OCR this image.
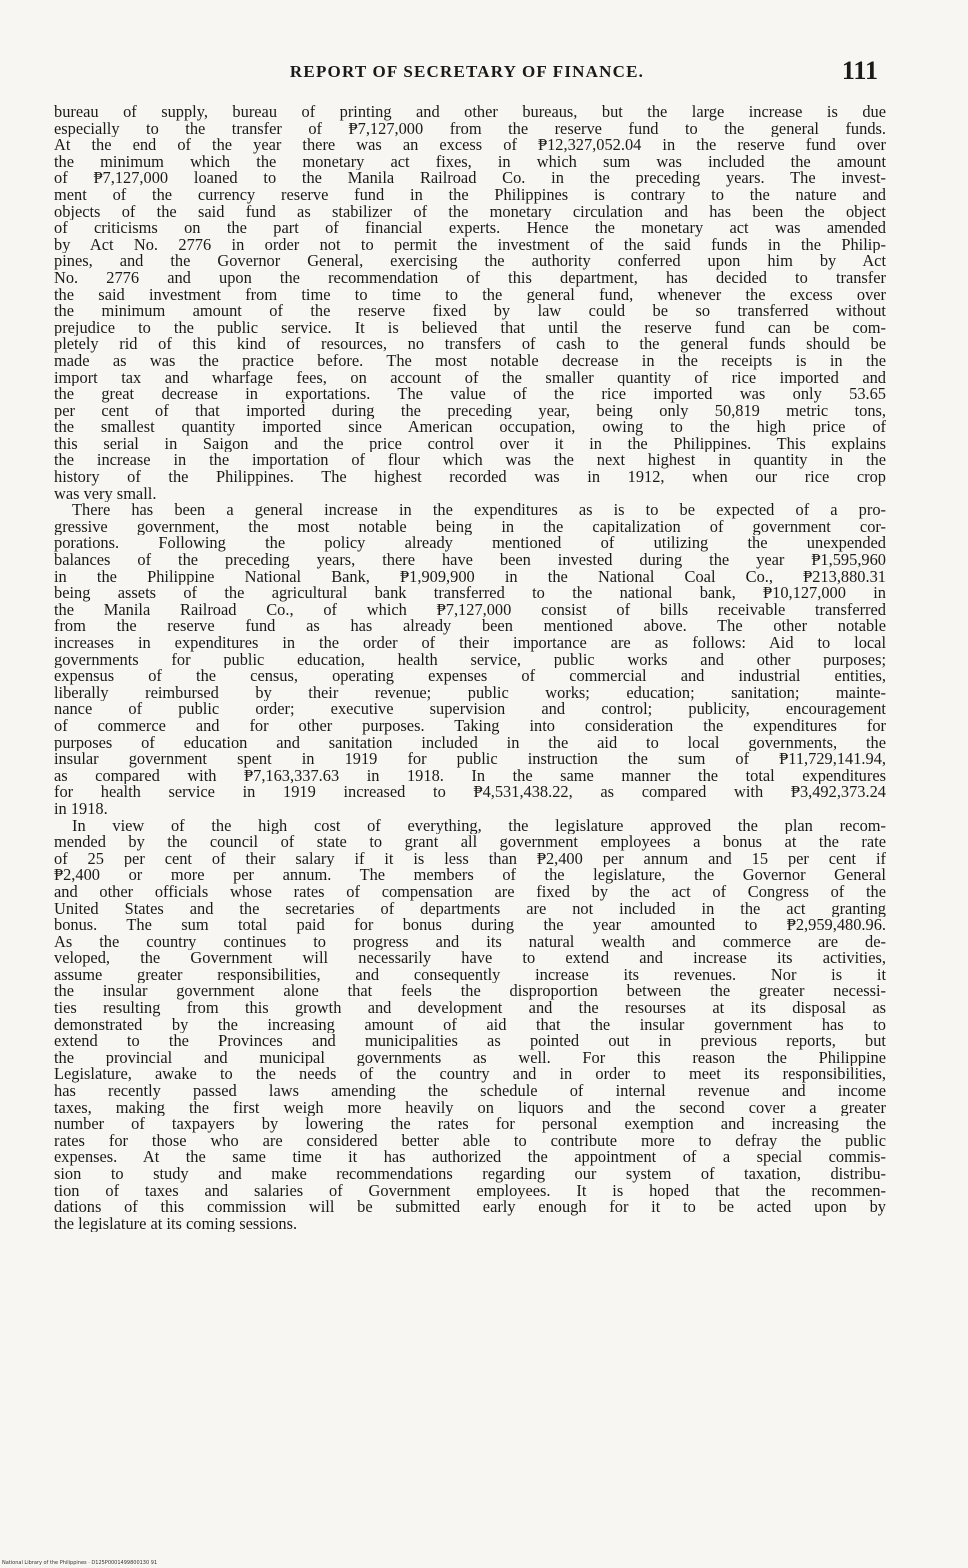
REPORT OF SECRETARY OF FINANCE.	111
bureau of supply, bureau of printing and other bureaus, but the large increase is due
especially to the transfer of ₱7,127,000 from the reserve fund to the general funds.
At the end of the year there was an excess of ₱12,327,052.04 in the reserve fund over
the minimum which the monetary act fixes, in which sum was included the amount
of ₱7,127,000 loaned to the Manila Railroad Co. in the preceding years. The invest-
ment of the currency reserve fund in the Philippines is contrary to the nature and
objects of the said fund as stabilizer of the monetary circulation and has been the object
of criticisms on the part of financial experts. Hence the monetary act was amended
by Act No. 2776 in order not to permit the investment of the said funds in the Philip-
pines, and the Governor General, exercising the authority conferred upon him by Act
No. 2776 and upon the recommendation of this department, has decided to transfer
the said investment from time to time to the general fund, whenever the excess over
the minimum amount of the reserve fixed by law could be so transferred without
prejudice to the public service. It is believed that until the reserve fund can be com-
pletely rid of this kind of resources, no transfers of cash to the general funds should be
made as was the practice before. The most notable decrease in the receipts is in the
import tax and wharfage fees, on account of the smaller quantity of rice imported and
the great decrease in exportations. The value of the rice imported was only 53.65
per cent of that imported during the preceding year, being only 50,819 metric tons,
the smallest quantity imported since American occupation, owing to the high price of
this serial in Saigon and the price control over it in the Philippines. This explains
the increase in the importation of flour which was the next highest in quantity in the
history of the Philippines. The highest recorded was in 1912, when our rice crop
was very small.
There has been a general increase in the expenditures as is to be expected of a pro-
gressive government, the most notable being in the capitalization of government cor-
porations. Following the policy already mentioned of utilizing the unexpended
balances of the preceding years, there have been invested during the year ₱1,595,960
in the Philippine National Bank, ₱1,909,900 in the National Coal Co., ₱213,880.31
being assets of the agricultural bank transferred to the national bank, ₱10,127,000 in
the Manila Railroad Co., of which ₱7,127,000 consist of bills receivable transferred
from the reserve fund as has already been mentioned above. The other notable
increases in expenditures in the order of their importance are as follows: Aid to local
governments for public education, health service, public works and other purposes;
expensus of the census, operating expenses of commercial and industrial entities,
liberally reimbursed by their revenue; public works; education; sanitation; mainte-
nance of public order; executive supervision and control; publicity, encouragement
of commerce and for other purposes. Taking into consideration the expenditures for
purposes of education and sanitation included in the aid to local governments, the
insular government spent in 1919 for public instruction the sum of ₱11,729,141.94,
as compared with ₱7,163,337.63 in 1918. In the same manner the total expenditures
for health service in 1919 increased to ₱4,531,438.22, as compared with ₱3,492,373.24
in 1918.
In view of the high cost of everything, the legislature approved the plan recom-
mended by the council of state to grant all government employees a bonus at the rate
of 25 per cent of their salary if it is less than ₱2,400 per annum and 15 per cent if
₱2,400 or more per annum. The members of the legislature, the Governor General
and other officials whose rates of compensation are fixed by the act of Congress of the
United States and the secretaries of departments are not included in the act granting
bonus. The sum total paid for bonus during the year amounted to ₱2,959,480.96.
As the country continues to progress and its natural wealth and commerce are de-
veloped, the Government will necessarily have to extend and increase its activities,
assume greater responsibilities, and consequently increase its revenues. Nor is it
the insular government alone that feels the disproportion between the greater necessi-
ties resulting from this growth and development and the resourses at its disposal as
demonstrated by the increasing amount of aid that the insular government has to
extend to the Provinces and municipalities as pointed out in previous reports, but
the provincial and municipal governments as well. For this reason the Philippine
Legislature, awake to the needs of the country and in order to meet its responsibilities,
has recently passed laws amending the schedule of internal revenue and income
taxes, making the first weigh more heavily on liquors and the second cover a greater
number of taxpayers by lowering the rates for personal exemption and increasing the
rates for those who are considered better able to contribute more to defray the public
expenses. At the same time it has authorized the appointment of a special commis-
sion to study and make recommendations regarding our system of taxation, distribu-
tion of taxes and salaries of Government employees. It is hoped that the recommen-
dations of this commission will be submitted early enough for it to be acted upon by
the legislature at its coming sessions.
National Library of the Philippines · D125P0001499800130 91
